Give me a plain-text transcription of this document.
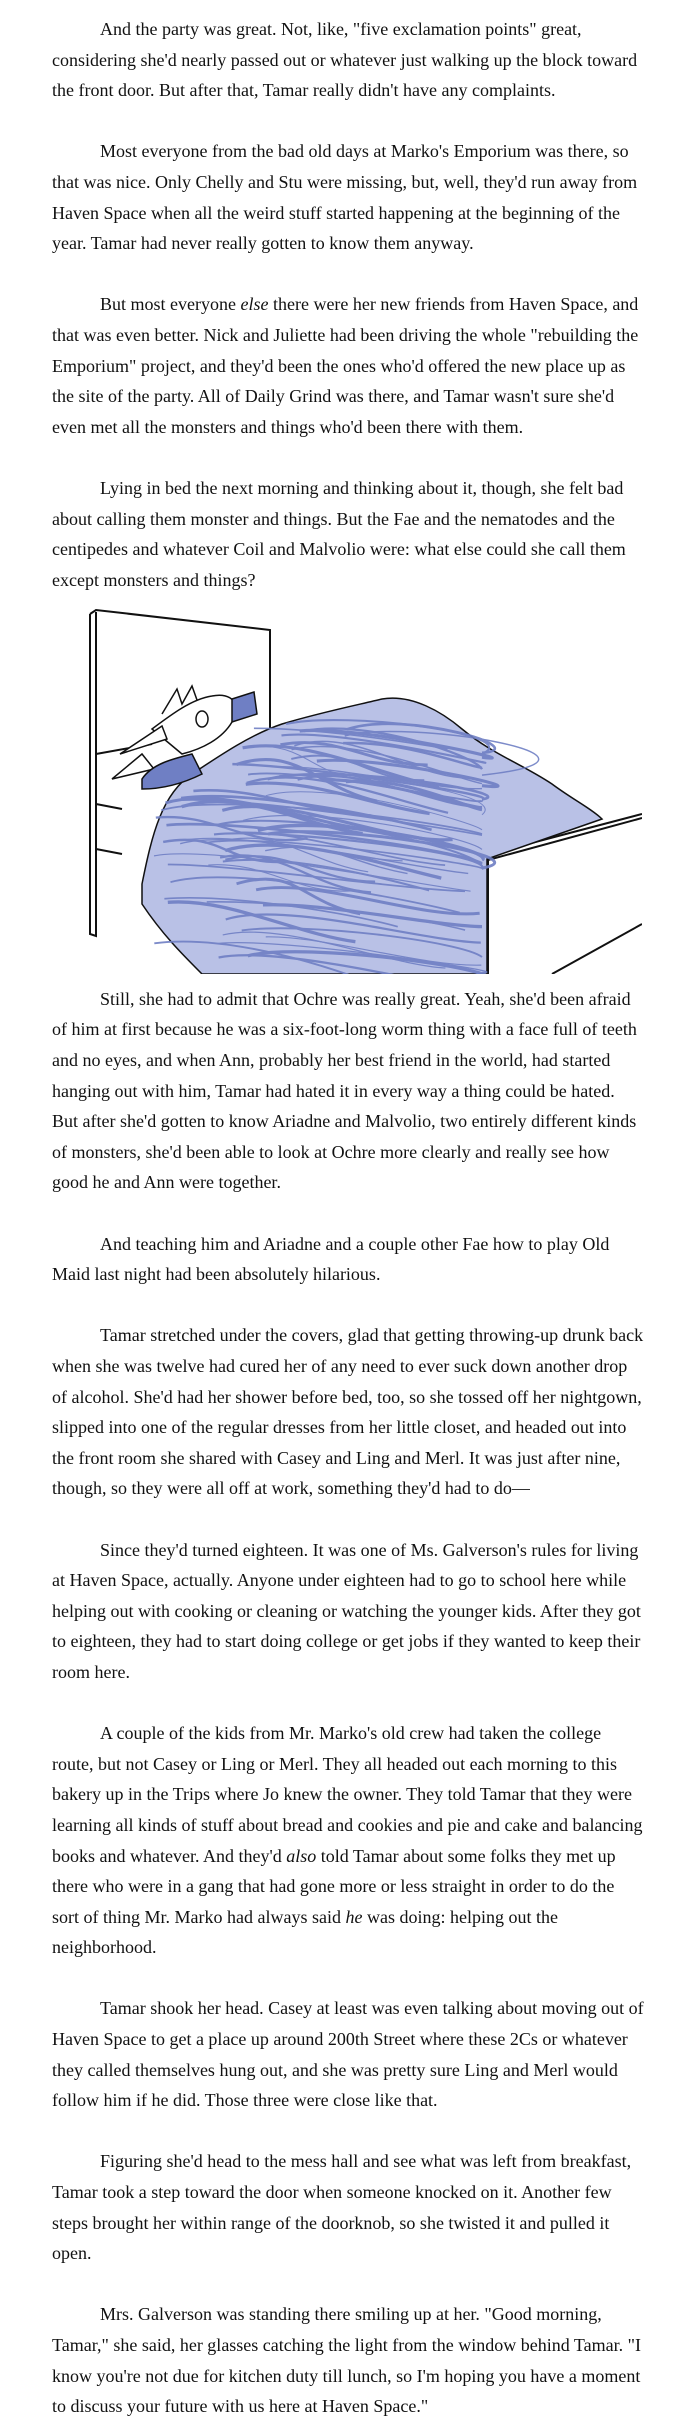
And the party was great. Not, like, "five exclamation points" great, considering she'd nearly passed out or whatever just walking up the block toward the front door. But after that, Tamar really didn't have any complaints.

Most everyone from the bad old days at Marko's Emporium was there, so that was nice. Only Chelly and Stu were missing, but, well, they'd run away from Haven Space when all the weird stuff started happening at the beginning of the year. Tamar had never really gotten to know them anyway.

But most everyone else there were her new friends from Haven Space, and that was even better. Nick and Juliette had been driving the whole "rebuilding the Emporium" project, and they'd been the ones who'd offered the new place up as the site of the party. All of Daily Grind was there, and Tamar wasn't sure she'd even met all the monsters and things who'd been there with them.

Lying in bed the next morning and thinking about it, though, she felt bad about calling them monster and things. But the Fae and the nematodes and the centipedes and whatever Coil and Malvolio were: what else could she call them except monsters and things?

Still, she had to admit that Ochre was really great. Yeah, she'd been afraid of him at first because he was a six-foot-long worm thing with a face full of teeth and no eyes, and when Ann, probably her best friend in the world, had started hanging out with him, Tamar had hated it in every way a thing could be hated. But after she'd gotten to know Ariadne and Malvolio, two entirely different kinds of monsters, she'd been able to look at Ochre more clearly and really see how good he and Ann were together.

And teaching him and Ariadne and a couple other Fae how to play Old Maid last night had been absolutely hilarious.

Tamar stretched under the covers, glad that getting throwing-up drunk back when she was twelve had cured her of any need to ever suck down another drop of alcohol. She'd had her shower before bed, too, so she tossed off her nightgown, slipped into one of the regular dresses from her little closet, and headed out into the front room she shared with Casey and Ling and Merl. It was just after nine, though, so they were all off at work, something they'd had to do—

Since they'd turned eighteen. It was one of Ms. Galverson's rules for living at Haven Space, actually. Anyone under eighteen had to go to school here while helping out with cooking or cleaning or watching the younger kids. After they got to eighteen, they had to start doing college or get jobs if they wanted to keep their room here.

A couple of the kids from Mr. Marko's old crew had taken the college route, but not Casey or Ling or Merl. They all headed out each morning to this bakery up in the Trips where Jo knew the owner. They told Tamar that they were learning all kinds of stuff about bread and cookies and pie and cake and balancing books and whatever. And they'd also told Tamar about some folks they met up there who were in a gang that had gone more or less straight in order to do the sort of thing Mr. Marko had always said he was doing: helping out the neighborhood.

Tamar shook her head. Casey at least was even talking about moving out of Haven Space to get a place up around 200th Street where these 2Cs or whatever they called themselves hung out, and she was pretty sure Ling and Merl would follow him if he did. Those three were close like that.

Figuring she'd head to the mess hall and see what was left from breakfast, Tamar took a step toward the door when someone knocked on it. Another few steps brought her within range of the doorknob, so she twisted it and pulled it open.

Mrs. Galverson was standing there smiling up at her. "Good morning, Tamar," she said, her glasses catching the light from the window behind Tamar. "I know you're not due for kitchen duty till lunch, so I'm hoping you have a moment to discuss your future with us here at Haven Space."
